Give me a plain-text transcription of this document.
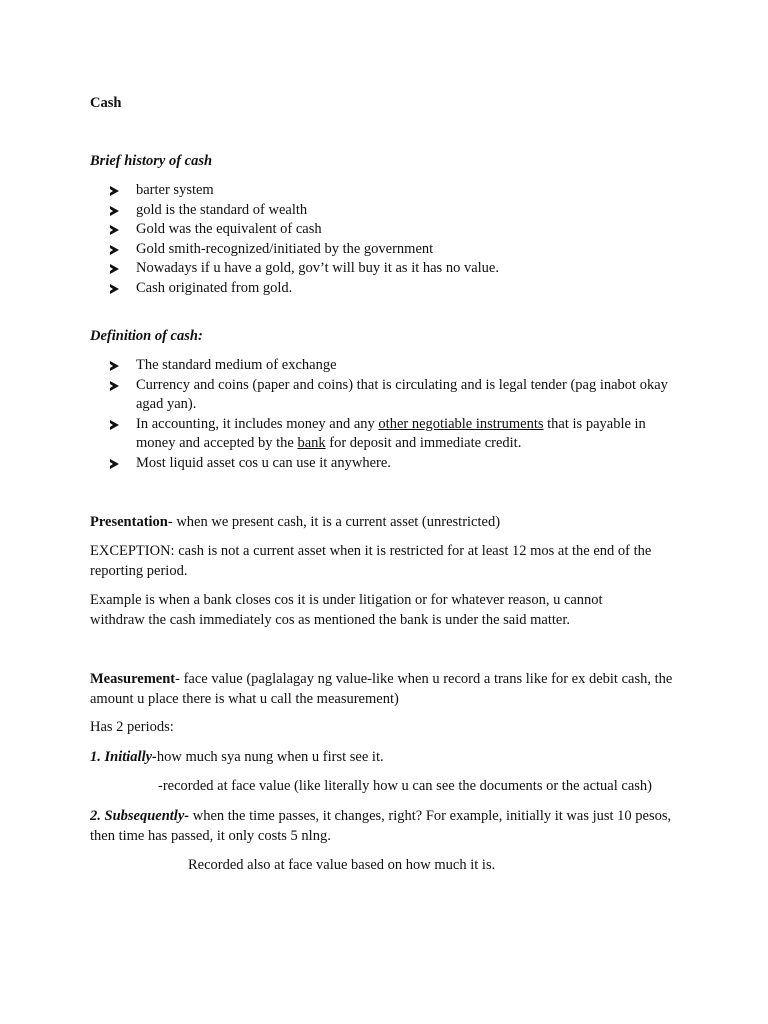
Cash
Brief history of cash
barter system
gold is the standard of wealth
Gold was the equivalent of cash
Gold smith-recognized/initiated by the government
Nowadays if u have a gold, gov’t will buy it as it has no value.
Cash originated from gold.
Definition of cash:
The standard medium of exchange
Currency and coins (paper and coins) that is circulating and is legal tender (pag inabot okay agad yan).
In accounting, it includes money and any other negotiable instruments that is payable in money and accepted by the bank for deposit and immediate credit.
Most liquid asset cos u can use it anywhere.
Presentation- when we present cash, it is a current asset (unrestricted)
EXCEPTION: cash is not a current asset when it is restricted for at least 12 mos at the end of the reporting period.
Example is when a bank closes cos it is under litigation or for whatever reason, u cannot withdraw the cash immediately cos as mentioned the bank is under the said matter.
Measurement- face value (paglalagay ng value-like when u record a trans like for ex debit cash, the amount u place there is what u call the measurement)
Has 2 periods:
1. Initially-how much sya nung when u first see it.
-recorded at face value (like literally how u can see the documents or the actual cash)
2. Subsequently- when the time passes, it changes, right? For example, initially it was just 10 pesos, then time has passed, it only costs 5 nlng.
Recorded also at face value based on how much it is.
